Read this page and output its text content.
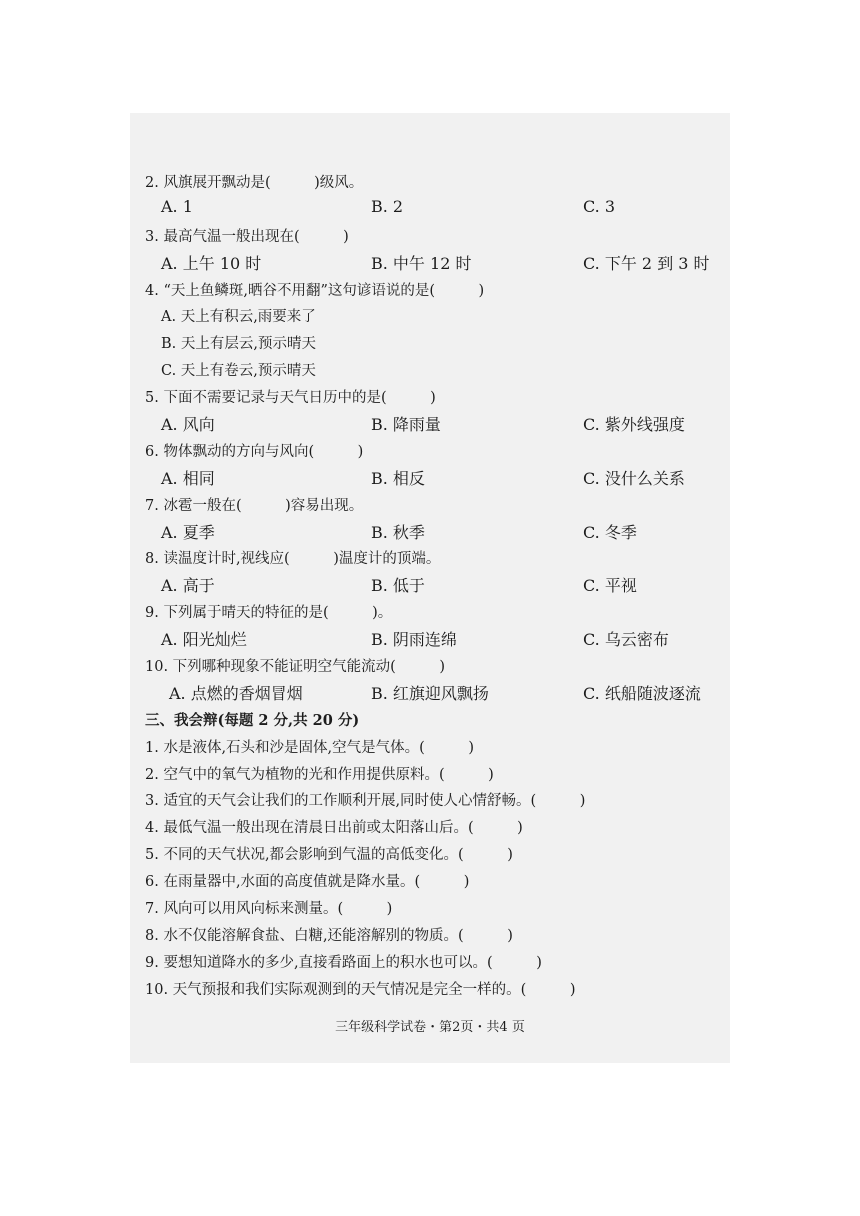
2. 风旗展开飘动是(　　　)级风。
A. 1	B. 2	C. 3
3. 最高气温一般出现在(　　　)
A. 上午 10 时	B. 中午 12 时	C. 下午 2 到 3 时
4. “天上鱼鳞斑,晒谷不用翻”这句谚语说的是(　　　)
A. 天上有积云,雨要来了
B. 天上有层云,预示晴天
C. 天上有卷云,预示晴天
5. 下面不需要记录与天气日历中的是(　　　)
A. 风向	B. 降雨量	C. 紫外线强度
6. 物体飘动的方向与风向(　　　)
A. 相同	B. 相反	C. 没什么关系
7. 冰雹一般在(　　　)容易出现。
A. 夏季	B. 秋季	C. 冬季
8. 读温度计时,视线应(　　　)温度计的顶端。
A. 高于	B. 低于	C. 平视
9. 下列属于晴天的特征的是(　　　)。
A. 阳光灿烂	B. 阴雨连绵	C. 乌云密布
10. 下列哪种现象不能证明空气能流动(　　　)
A. 点燃的香烟冒烟	B. 红旗迎风飘扬	C. 纸船随波逐流
三、我会辩(每题 2 分,共 20 分)
1. 水是液体,石头和沙是固体,空气是气体。(　　　)
2. 空气中的氧气为植物的光和作用提供原料。(　　　)
3. 适宜的天气会让我们的工作顺利开展,同时使人心情舒畅。(　　　)
4. 最低气温一般出现在清晨日出前或太阳落山后。(　　　)
5. 不同的天气状况,都会影响到气温的高低变化。(　　　)
6. 在雨量器中,水面的高度值就是降水量。(　　　)
7. 风向可以用风向标来测量。(　　　)
8. 水不仅能溶解食盐、白糖,还能溶解别的物质。(　　　)
9. 要想知道降水的多少,直接看路面上的积水也可以。(　　　)
10. 天气预报和我们实际观测到的天气情况是完全一样的。(　　　)
三年级科学试卷・第2页・共4 页
